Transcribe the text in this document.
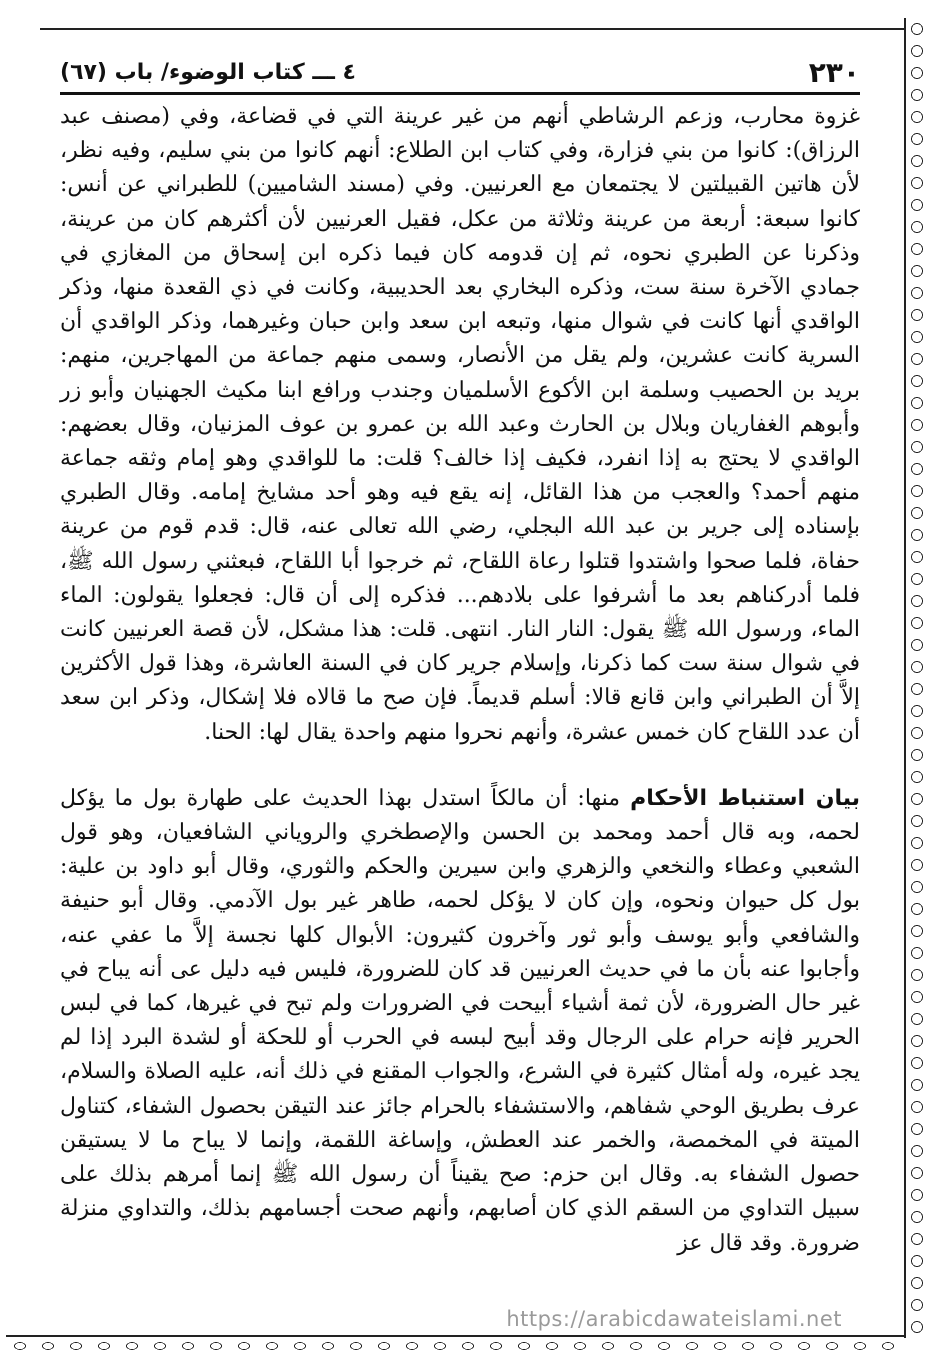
٢٣٠
٤ ـــ كتاب الوضوء/ باب (٦٧)

غزوة محارب، وزعم الرشاطي أنهم من غير عرينة التي في قضاعة، وفي (مصنف عبد الرزاق): كانوا من بني فزارة، وفي كتاب ابن الطلاع: أنهم كانوا من بني سليم، وفيه نظر، لأن هاتين القبيلتين لا يجتمعان مع العرنيين. وفي (مسند الشاميين) للطبراني عن أنس: كانوا سبعة: أربعة من عرينة وثلاثة من عكل، فقيل العرنيين لأن أكثرهم كان من عرينة، وذكرنا عن الطبري نحوه، ثم إن قدومه كان فيما ذكره ابن إسحاق من المغازي في جمادي الآخرة سنة ست، وذكره البخاري بعد الحديبية، وكانت في ذي القعدة منها، وذكر الواقدي أنها كانت في شوال منها، وتبعه ابن سعد وابن حبان وغيرهما، وذكر الواقدي أن السرية كانت عشرين، ولم يقل من الأنصار، وسمى منهم جماعة من المهاجرين، منهم: بريد بن الحصيب وسلمة ابن الأكوع الأسلميان وجندب ورافع ابنا مكيث الجهنيان وأبو زر وأبوهم الغفاريان وبلال بن الحارث وعبد الله بن عمرو بن عوف المزنيان، وقال بعضهم: الواقدي لا يحتج به إذا انفرد، فكيف إذا خالف؟ قلت: ما للواقدي وهو إمام وثقه جماعة منهم أحمد؟ والعجب من هذا القائل، إنه يقع فيه وهو أحد مشايخ إمامه. وقال الطبري بإسناده إلى جرير بن عبد الله البجلي، رضي الله تعالى عنه، قال: قدم قوم من عرينة حفاة، فلما صحوا واشتدوا قتلوا رعاة اللقاح، ثم خرجوا أبا اللقاح، فبعثني رسول الله ﷺ، فلما أدركناهم بعد ما أشرفوا على بلادهم... فذكره إلى أن قال: فجعلوا يقولون: الماء الماء، ورسول الله ﷺ يقول: النار النار. انتهى. قلت: هذا مشكل، لأن قصة العرنيين كانت في شوال سنة ست كما ذكرنا، وإسلام جرير كان في السنة العاشرة، وهذا قول الأكثرين إلاَّ أن الطبراني وابن قانع قالا: أسلم قديماً. فإن صح ما قالاه فلا إشكال، وذكر ابن سعد أن عدد اللقاح كان خمس عشرة، وأنهم نحروا منهم واحدة يقال لها: الحنا.

بيان استنباط الأحكام منها: أن مالكاً استدل بهذا الحديث على طهارة بول ما يؤكل لحمه، وبه قال أحمد ومحمد بن الحسن والإصطخري والروياني الشافعيان، وهو قول الشعبي وعطاء والنخعي والزهري وابن سيرين والحكم والثوري، وقال أبو داود بن علية: بول كل حيوان ونحوه، وإن كان لا يؤكل لحمه، طاهر غير بول الآدمي. وقال أبو حنيفة والشافعي وأبو يوسف وأبو ثور وآخرون كثيرون: الأبوال كلها نجسة إلاَّ ما عفي عنه، وأجابوا عنه بأن ما في حديث العرنيين قد كان للضرورة، فليس فيه دليل عى أنه يباح في غير حال الضرورة، لأن ثمة أشياء أبيحت في الضرورات ولم تبح في غيرها، كما في لبس الحرير فإنه حرام على الرجال وقد أبيح لبسه في الحرب أو للحكة أو لشدة البرد إذا لم يجد غيره، وله أمثال كثيرة في الشرع، والجواب المقنع في ذلك أنه، عليه الصلاة والسلام، عرف بطريق الوحي شفاهم، والاستشفاء بالحرام جائز عند التيقن بحصول الشفاء، كتناول الميتة في المخمصة، والخمر عند العطش، وإساغة اللقمة، وإنما لا يباح ما لا يستيقن حصول الشفاء به. وقال ابن حزم: صح يقيناً أن رسول الله ﷺ إنما أمرهم بذلك على سبيل التداوي من السقم الذي كان أصابهم، وأنهم صحت أجسامهم بذلك، والتداوي منزلة ضرورة. وقد قال عز

https://arabicdawateislami.net
